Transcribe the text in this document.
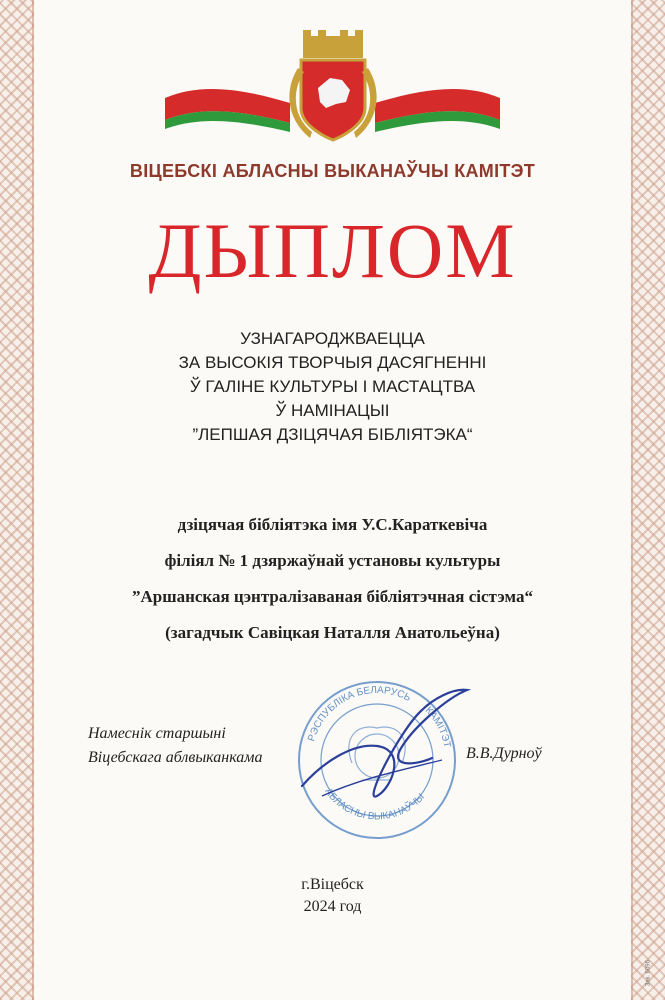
ВІЦЕБСКІ АБЛАСНЫ ВЫКАНАЎЧЫ КАМІТЭТ
ДЫПЛОМ
УЗНАГАРОДЖВАЕЦЦА
ЗА ВЫСОКІЯ ТВОРЧЫЯ ДАСЯГНЕННІ
Ў ГАЛІНЕ КУЛЬТУРЫ І МАСТАЦТВА
Ў НАМІНАЦЫІ
”ЛЕПШАЯ ДЗІЦЯЧАЯ БІБЛІЯТЭКА“
дзіцячая бібліятэка імя У.С.Караткевіча
філіял № 1 дзяржаўнай установы культуры
”Аршанская цэнтралізаваная бібліятэчная сістэма“
(загадчык Савіцкая Наталля Анатольеўна)
РЭСПУБЛІКА БЕЛАРУСЬ
КАМІТЭТ
АБЛАСНЫ ВЫКАНАЎЧЫ
Намеснік старшыні
Віцебскага аблвыканкама	В.В.Дурноў
г.Віцебск
2024 год
Зак. 6096
